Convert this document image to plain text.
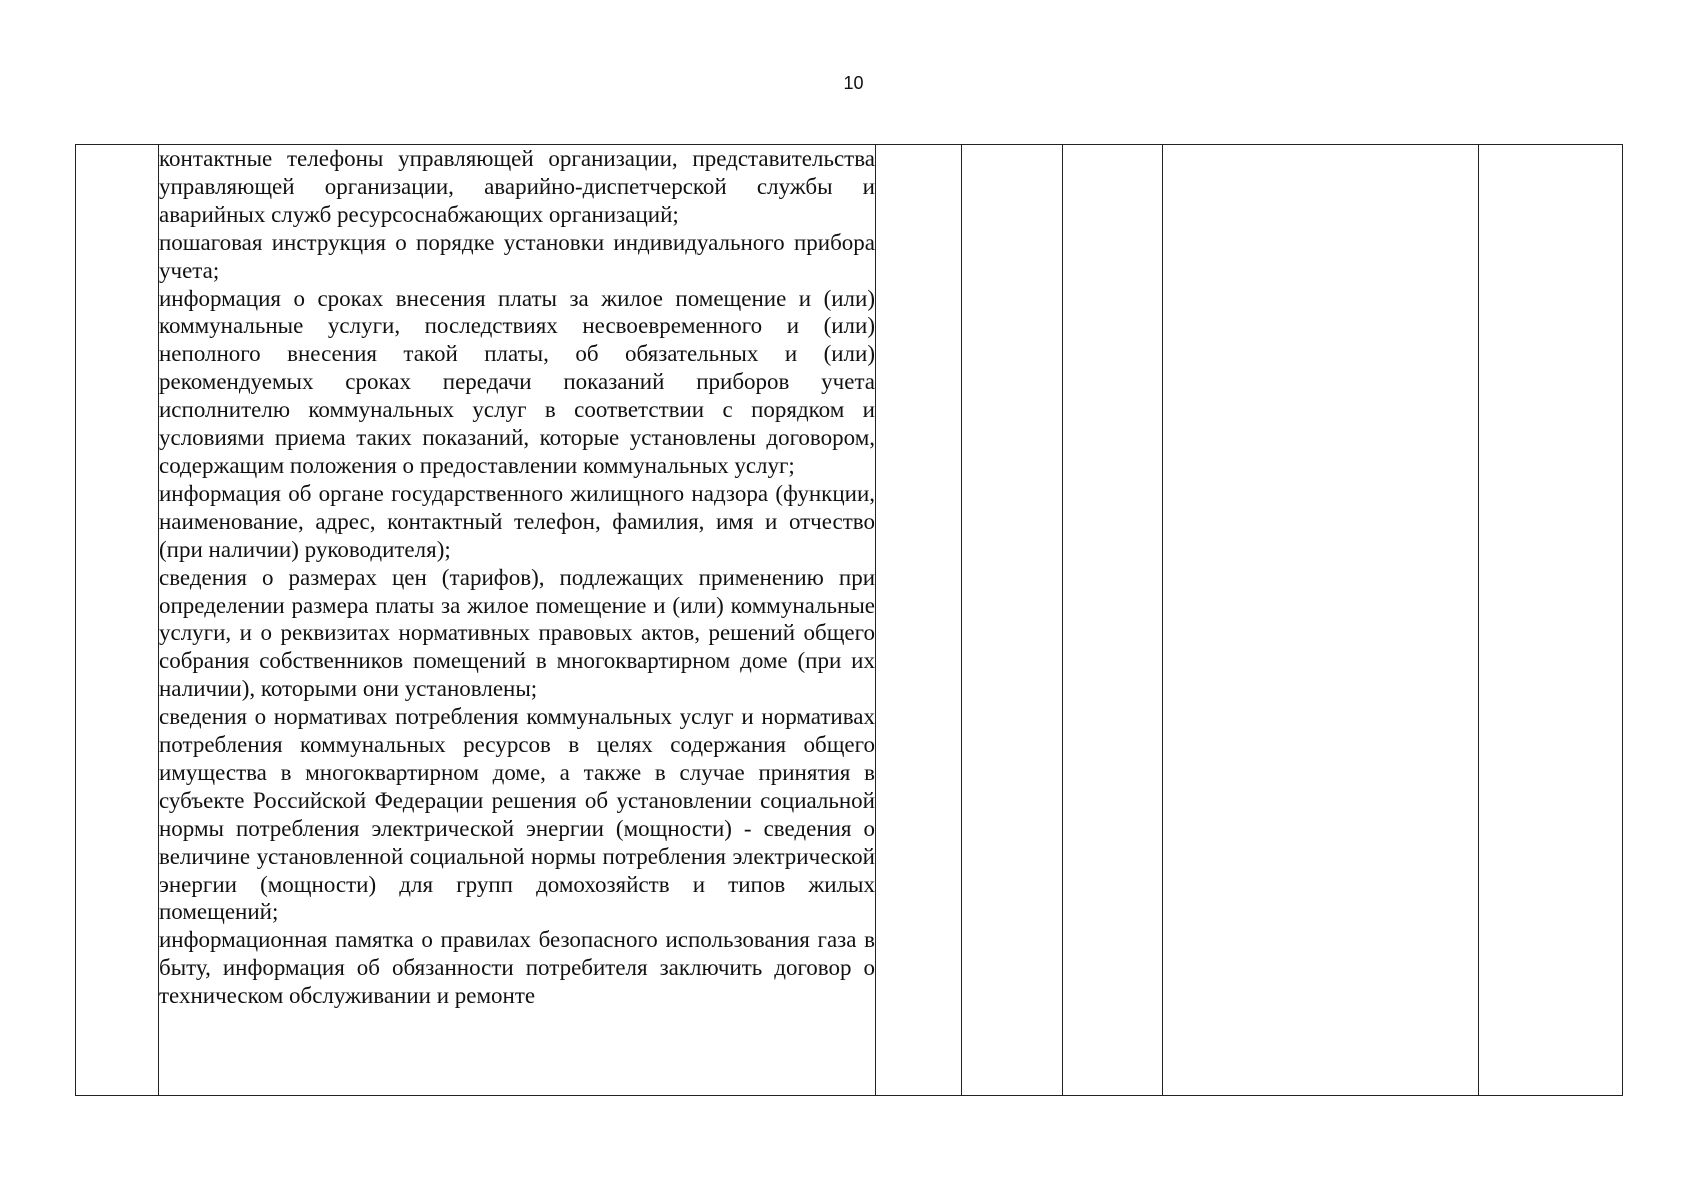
10

контактные телефоны управляющей организации, представительства управляющей организации, аварийно-диспетчерской службы и аварийных служб ресурсоснабжающих организаций;
пошаговая инструкция о порядке установки индивидуального прибора учета;
информация о сроках внесения платы за жилое помещение и (или) коммунальные услуги, последствиях несвоевременного и (или) неполного внесения такой платы, об обязательных и (или) рекомендуемых сроках передачи показаний приборов учета исполнителю коммунальных услуг в соответствии с порядком и условиями приема таких показаний, которые установлены договором, содержащим положения о предоставлении коммунальных услуг;
информация об органе государственного жилищного надзора (функции, наименование, адрес, контактный телефон, фамилия, имя и отчество (при наличии) руководителя);
сведения о размерах цен (тарифов), подлежащих применению при определении размера платы за жилое помещение и (или) коммунальные услуги, и о реквизитах нормативных правовых актов, решений общего собрания собственников помещений в многоквартирном доме (при их наличии), которыми они установлены;
сведения о нормативах потребления коммунальных услуг и нормативах потребления коммунальных ресурсов в целях содержания общего имущества в многоквартирном доме, а также в случае принятия в субъекте Российской Федерации решения об установлении социальной нормы потребления электрической энергии (мощности) - сведения о величине установленной социальной нормы потребления электрической энергии (мощности) для групп домохозяйств и типов жилых помещений;
информационная памятка о правилах безопасного использования газа в быту, информация об обязанности потребителя заключить договор о техническом обслуживании и ремонте
